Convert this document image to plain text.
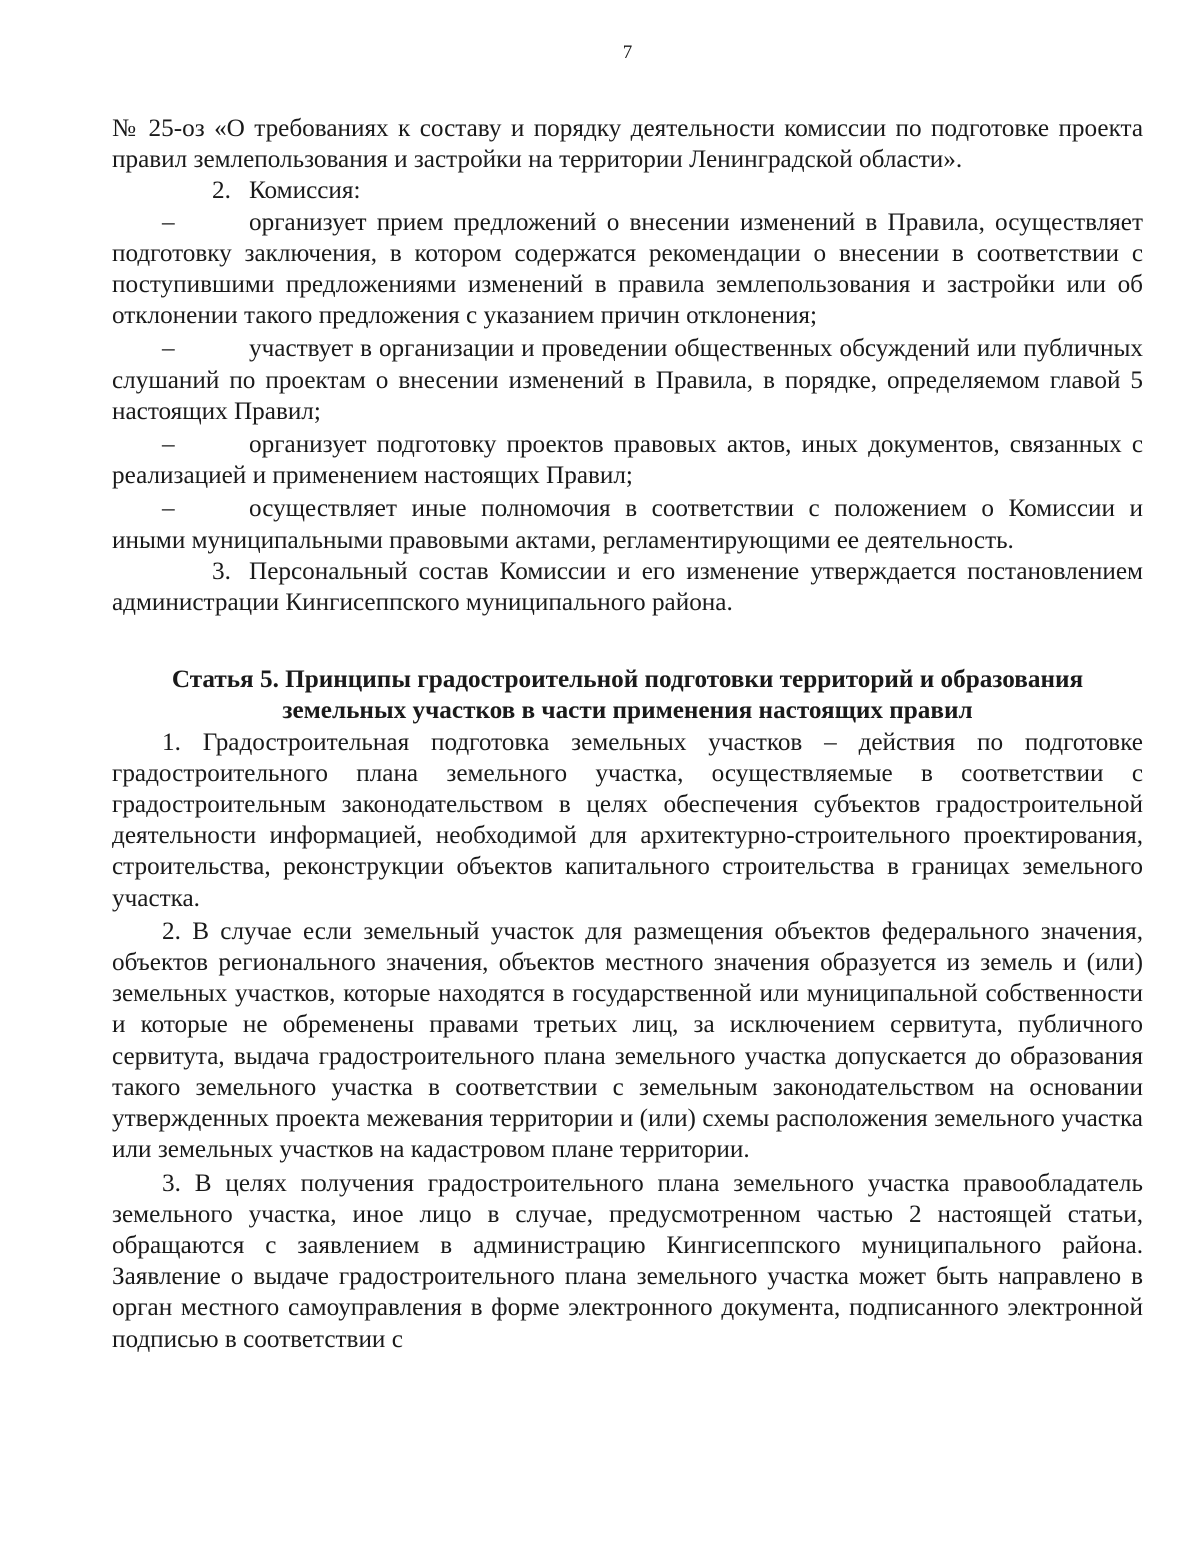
7

№ 25-оз «О требованиях к составу и порядку деятельности комиссии по подготовке проекта правил землепользования и застройки на территории Ленинградской области».

2. Комиссия:

–	организует прием предложений о внесении изменений в Правила, осуществляет подготовку заключения, в котором содержатся рекомендации о внесении в соответствии с поступившими предложениями изменений в правила землепользования и застройки или об отклонении такого предложения с указанием причин отклонения;

–	участвует в организации и проведении общественных обсуждений или публичных слушаний по проектам о внесении изменений в Правила, в порядке, определяемом главой 5 настоящих Правил;

–	организует подготовку проектов правовых актов, иных документов, связанных с реализацией и применением настоящих Правил;

–	осуществляет иные полномочия в соответствии с положением о Комиссии и иными муниципальными правовыми актами, регламентирующими ее деятельность.

3. Персональный состав Комиссии и его изменение утверждается постановлением администрации Кингисеппского муниципального района.

Статья 5. Принципы градостроительной подготовки территорий и образования
земельных участков в части применения настоящих правил

1. Градостроительная подготовка земельных участков – действия по подготовке градостроительного плана земельного участка, осуществляемые в соответствии с градостроительным законодательством в целях обеспечения субъектов градостроительной деятельности информацией, необходимой для архитектурно-строительного проектирования, строительства, реконструкции объектов капитального строительства в границах земельного участка.

2. В случае если земельный участок для размещения объектов федерального значения, объектов регионального значения, объектов местного значения образуется из земель и (или) земельных участков, которые находятся в государственной или муниципальной собственности и которые не обременены правами третьих лиц, за исключением сервитута, публичного сервитута, выдача градостроительного плана земельного участка допускается до образования такого земельного участка в соответствии с земельным законодательством на основании утвержденных проекта межевания территории и (или) схемы расположения земельного участка или земельных участков на кадастровом плане территории.

3. В целях получения градостроительного плана земельного участка правообладатель земельного участка, иное лицо в случае, предусмотренном частью 2 настоящей статьи, обращаются с заявлением в администрацию Кингисеппского муниципального района. Заявление о выдаче градостроительного плана земельного участка может быть направлено в орган местного самоуправления в форме электронного документа, подписанного электронной подписью в соответствии с
